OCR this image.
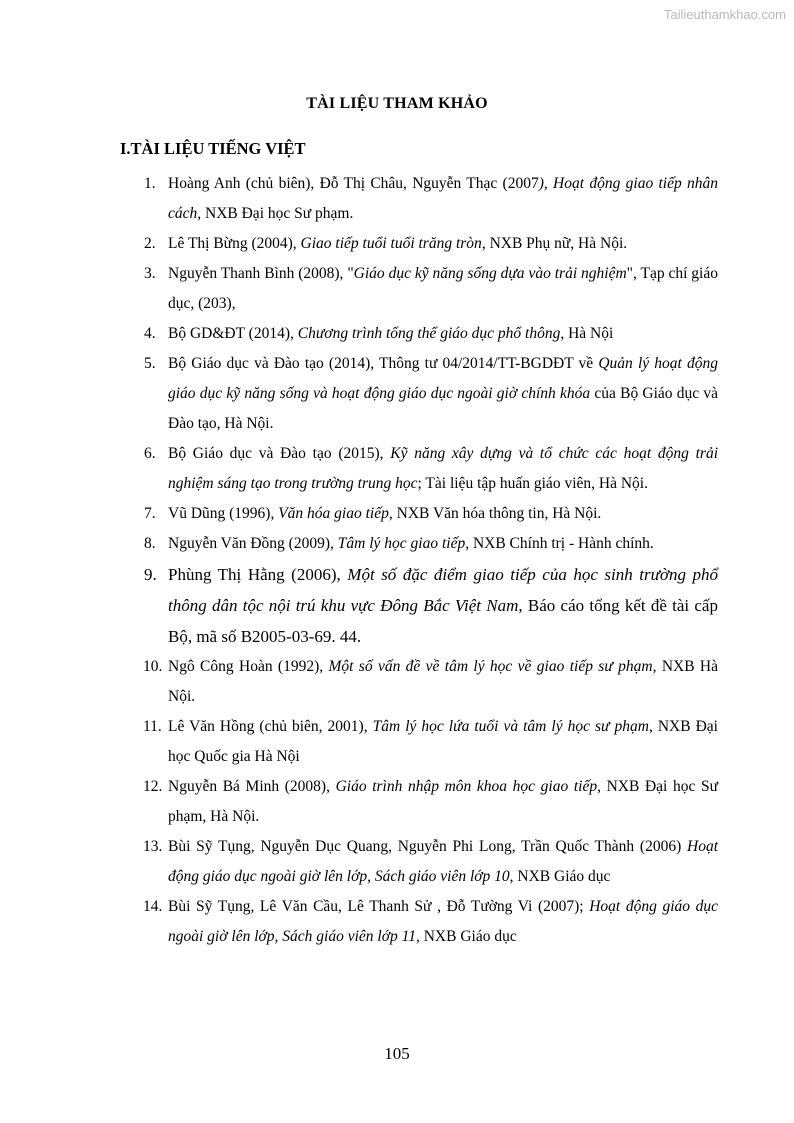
Tailieuthamkhao.com
TÀI LIỆU THAM KHẢO
I.TÀI LIỆU TIẾNG VIỆT
1. Hoàng Anh (chủ biên), Đỗ Thị Châu, Nguyễn Thạc (2007), Hoạt động giao tiếp nhân cách, NXB Đại học Sư phạm.
2. Lê Thị Bừng (2004), Giao tiếp tuổi tuổi trăng tròn, NXB Phụ nữ, Hà Nội.
3. Nguyễn Thanh Bình (2008), "Giáo dục kỹ năng sống dựa vào trải nghiệm", Tạp chí giáo dục, (203),
4. Bộ GD&ĐT (2014), Chương trình tổng thể giáo dục phổ thông, Hà Nội
5. Bộ Giáo dục và Đào tạo (2014), Thông tư 04/2014/TT-BGDĐT về Quản lý hoạt động giáo dục kỹ năng sống và hoạt động giáo dục ngoài giờ chính khóa của Bộ Giáo dục và Đào tạo, Hà Nội.
6. Bộ Giáo dục và Đào tạo (2015), Kỹ năng xây dựng và tổ chức các hoạt động trải nghiệm sáng tạo trong trường trung học; Tài liệu tập huấn giáo viên, Hà Nội.
7. Vũ Dũng (1996), Văn hóa giao tiếp, NXB Văn hóa thông tin, Hà Nội.
8. Nguyễn Văn Đồng (2009), Tâm lý học giao tiếp, NXB Chính trị - Hành chính.
9. Phùng Thị Hằng (2006), Một số đặc điểm giao tiếp của học sinh trường phổ thông dân tộc nội trú khu vực Đông Bắc Việt Nam, Báo cáo tổng kết đề tài cấp Bộ, mã số B2005-03-69. 44.
10. Ngô Công Hoàn (1992), Một số vấn đề về tâm lý học về giao tiếp sư phạm, NXB Hà Nội.
11. Lê Văn Hồng (chủ biên, 2001), Tâm lý học lứa tuổi và tâm lý học sư phạm, NXB Đại học Quốc gia Hà Nội
12. Nguyễn Bá Minh (2008), Giáo trình nhập môn khoa học giao tiếp, NXB Đại học Sư phạm, Hà Nội.
13. Bùi Sỹ Tụng, Nguyễn Dục Quang, Nguyễn Phi Long, Trần Quốc Thành (2006) Hoạt động giáo dục ngoài giờ lên lớp, Sách giáo viên lớp 10, NXB Giáo dục
14. Bùi Sỹ Tụng, Lê Văn Cầu, Lê Thanh Sử , Đỗ Tường Vi (2007); Hoạt động giáo dục ngoài giờ lên lớp, Sách giáo viên lớp 11, NXB Giáo dục
105
